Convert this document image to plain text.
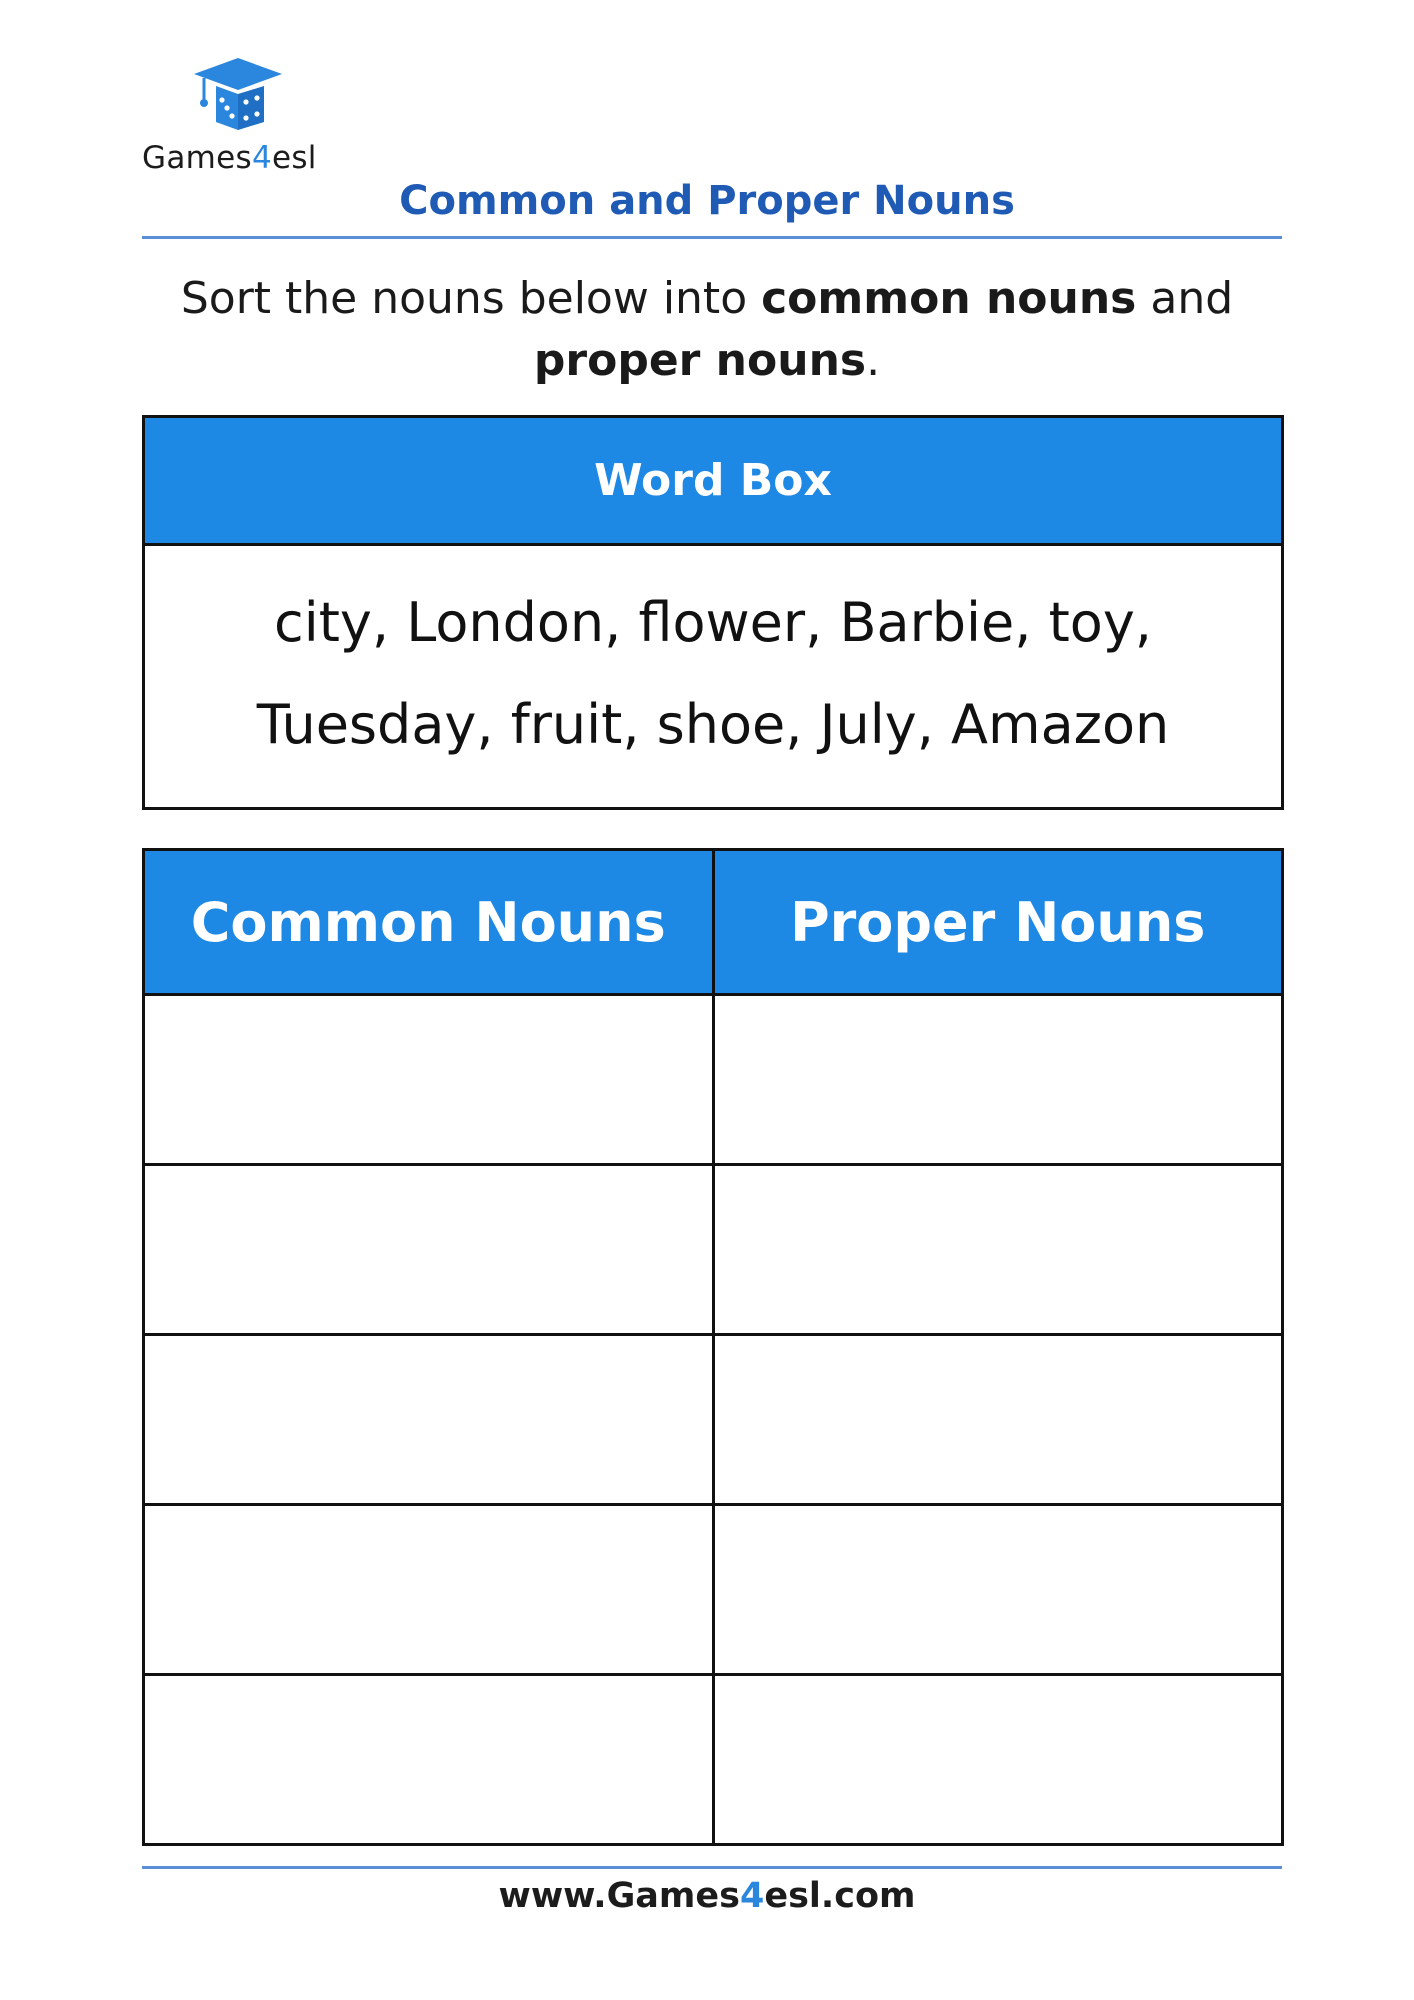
Games4esl
Common and Proper Nouns
Sort the nouns below into common nouns and
proper nouns.
Word Box
city, London, flower, Barbie, toy,
Tuesday, fruit, shoe, July, Amazon
Common Nouns	Proper Nouns

www.Games4esl.com
